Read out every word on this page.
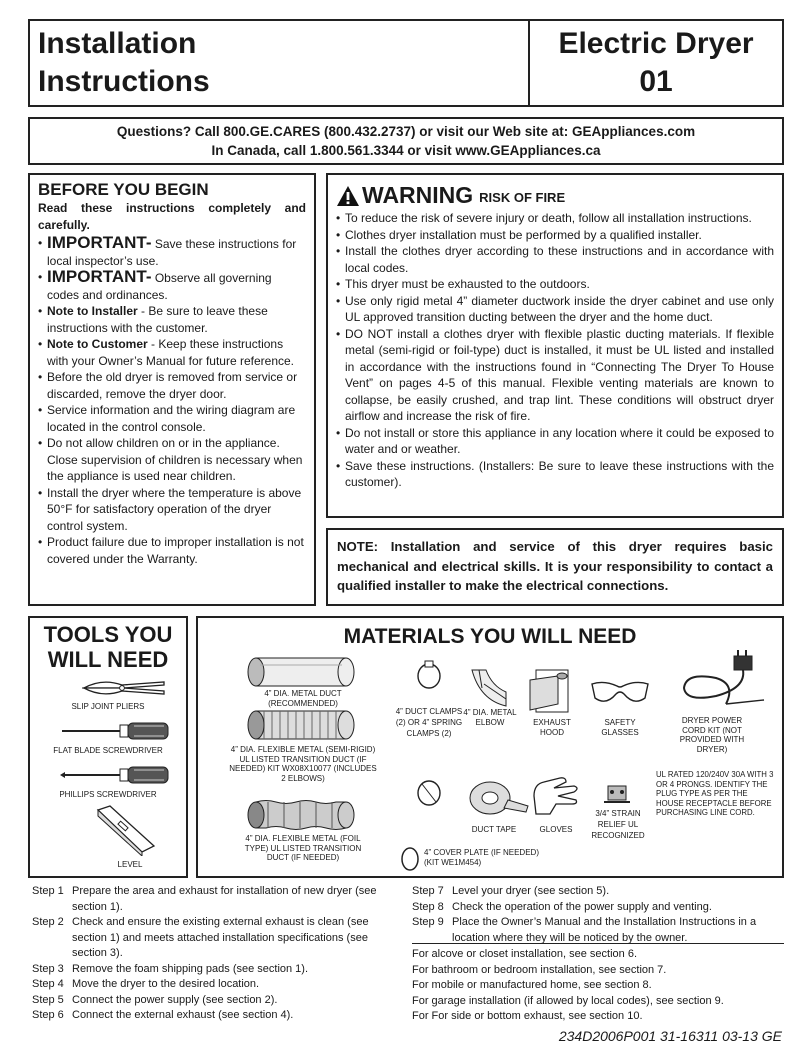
Installation
Instructions
Electric Dryer
01
Questions? Call 800.GE.CARES (800.432.2737) or visit our Web site at: GEAppliances.com
In Canada, call 1.800.561.3344 or visit www.GEAppliances.ca
BEFORE YOU BEGIN
Read these instructions completely and carefully.
• IMPORTANT- Save these instructions for local inspector’s use.
• IMPORTANT- Observe all governing codes and ordinances.
• Note to Installer - Be sure to leave these instructions with the customer.
• Note to Customer - Keep these instructions with your Owner’s Manual for future reference.
• Before the old dryer is removed from service or discarded, remove the dryer door.
• Service information and the wiring diagram are located in the control console.
• Do not allow children on or in the appliance. Close supervision of children is necessary when the appliance is used near children.
• Install the dryer where the temperature is above 50°F for satisfactory operation of the dryer control system.
• Product failure due to improper installation is not covered under the Warranty.
WARNING RISK OF FIRE
• To reduce the risk of severe injury or death, follow all installation instructions.
• Clothes dryer installation must be performed by a qualified installer.
• Install the clothes dryer according to these instructions and in accordance with local codes.
• This dryer must be exhausted to the outdoors.
• Use only rigid metal 4” diameter ductwork inside the dryer cabinet and use only UL approved transition ducting between the dryer and the home duct.
• DO NOT install a clothes dryer with flexible plastic ducting materials. If flexible metal (semi-rigid or foil-type) duct is installed, it must be UL listed and installed in accordance with the instructions found in “Connecting The Dryer To House Vent” on pages 4-5 of this manual. Flexible venting materials are known to collapse, be easily crushed, and trap lint. These conditions will obstruct dryer airflow and increase the risk of fire.
• Do not install or store this appliance in any location where it could be exposed to water and or weather.
• Save these instructions. (Installers: Be sure to leave these instructions with the customer).
NOTE: Installation and service of this dryer requires basic mechanical and electrical skills. It is your responsibility to contact a qualified installer to make the electrical connections.
TOOLS YOU
WILL NEED
SLIP JOINT PLIERS
FLAT BLADE SCREWDRIVER
PHILLIPS SCREWDRIVER
LEVEL
MATERIALS YOU WILL NEED
4” DIA. METAL DUCT (RECOMMENDED)
4” DIA. FLEXIBLE METAL (SEMI-RIGID) UL LISTED TRANSITION DUCT (IF NEEDED) KIT WX08X10077 (INCLUDES 2 ELBOWS)
4” DIA. FLEXIBLE METAL (FOIL TYPE) UL LISTED TRANSITION DUCT (IF NEEDED)
4” DUCT CLAMPS (2) OR 4” SPRING CLAMPS (2)
4” DIA. METAL ELBOW	EXHAUST HOOD
SAFETY GLASSES
DRYER POWER CORD KIT (NOT PROVIDED WITH DRYER)
UL RATED 120/240V 30A WITH 3 OR 4 PRONGS. IDENTIFY THE PLUG TYPE AS PER THE HOUSE RECEPTACLE BEFORE PURCHASING LINE CORD.
DUCT TAPE	GLOVES
3/4” STRAIN RELIEF UL RECOGNIZED
4” COVER PLATE (IF NEEDED) (KIT WE1M454)
Step 1 Prepare the area and exhaust for installation of new dryer (see section 1).
Step 2 Check and ensure the existing external exhaust is clean (see section 1) and meets attached installation specifications (see section 3).
Step 3 Remove the foam shipping pads (see section 1).
Step 4 Move the dryer to the desired location.
Step 5 Connect the power supply (see section 2).
Step 6 Connect the external exhaust (see section 4).
Step 7 Level your dryer (see section 5).
Step 8 Check the operation of the power supply and venting.
Step 9 Place the Owner’s Manual and the Installation Instructions in a location where they will be noticed by the owner.
For alcove or closet installation, see section 6.
For bathroom or bedroom installation, see section 7.
For mobile or manufactured home, see section 8.
For garage installation (if allowed by local codes), see section 9.
For For side or bottom exhaust, see section 10.
234D2006P001 31-16311 03-13 GE
